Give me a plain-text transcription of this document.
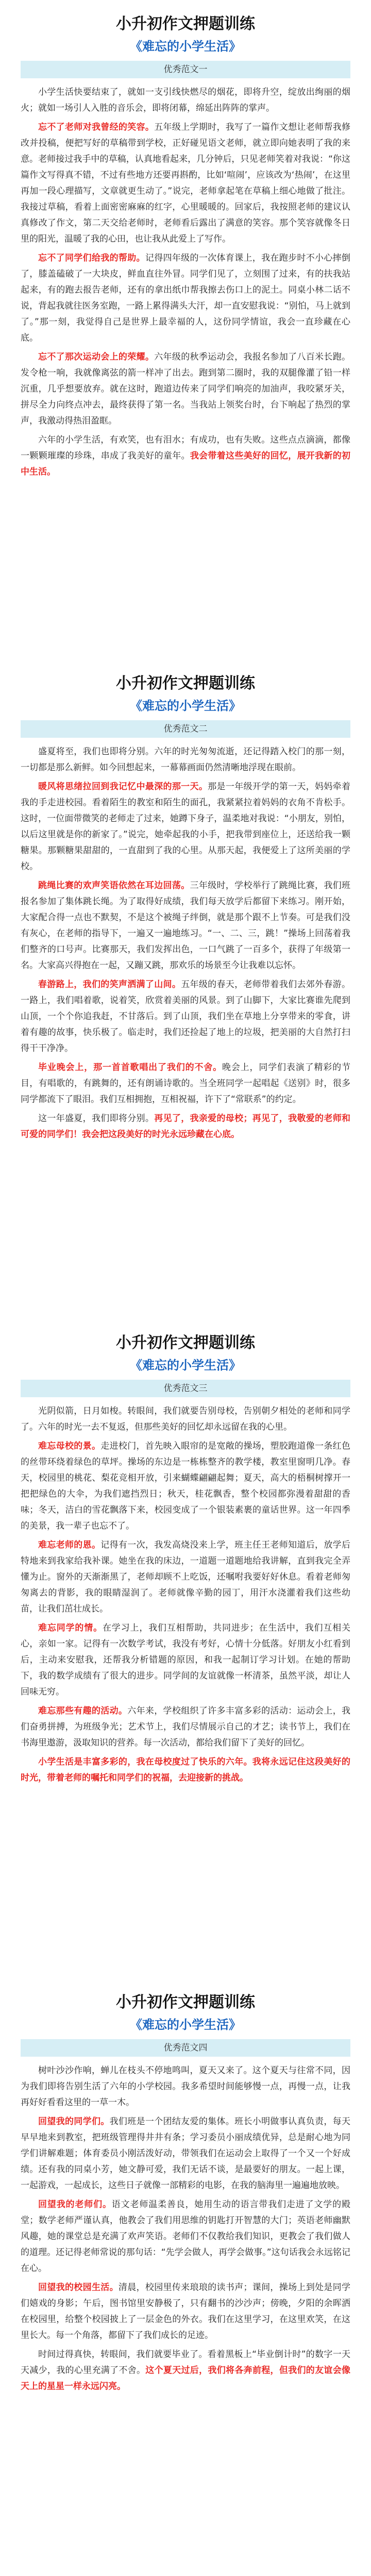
小升初作文押题训练
《难忘的小学生活》
优秀范文一

小学生活快要结束了，就如一支引线快燃尽的烟花，即将升空，绽放出绚丽的烟火；就如一场引人入胜的音乐会，即将闭幕，绵延出阵阵的掌声。

忘不了老师对我曾经的笑容。五年级上学期时，我写了一篇作文想让老师帮我修改并投稿，便把写好的草稿带到学校，正好碰见语文老师，就立即向她表明了我的来意。老师接过我手中的草稿，认真地看起来，几分钟后，只见老师笑着对我说：“你这篇作文写得真不错，不过有些地方还要再斟酌，比如‘喧闹’，应该改为‘热闹’，在这里再加一段心理描写，文章就更生动了。”说完，老师拿起笔在草稿上细心地做了批注。我接过草稿，看着上面密密麻麻的红字，心里暖暖的。回家后，我按照老师的建议认真修改了作文，第二天交给老师时，老师看后露出了满意的笑容。那个笑容就像冬日里的阳光，温暖了我的心田，也让我从此爱上了写作。

忘不了同学们给我的帮助。记得四年级的一次体育课上，我在跑步时不小心摔倒了，膝盖磕破了一大块皮，鲜血直往外冒。同学们见了，立刻围了过来，有的扶我站起来，有的跑去报告老师，还有的拿出纸巾帮我擦去伤口上的泥土。同桌小林二话不说，背起我就往医务室跑，一路上累得满头大汗，却一直安慰我说：“别怕，马上就到了。”那一刻，我觉得自己是世界上最幸福的人，这份同学情谊，我会一直珍藏在心底。

忘不了那次运动会上的荣耀。六年级的秋季运动会，我报名参加了八百米长跑。发令枪一响，我就像离弦的箭一样冲了出去。跑到第二圈时，我的双腿像灌了铅一样沉重，几乎想要放弃。就在这时，跑道边传来了同学们响亮的加油声，我咬紧牙关，拼尽全力向终点冲去，最终获得了第一名。当我站上领奖台时，台下响起了热烈的掌声，我激动得热泪盈眶。

六年的小学生活，有欢笑，也有泪水；有成功，也有失败。这些点点滴滴，都像一颗颗璀璨的珍珠，串成了我美好的童年。我会带着这些美好的回忆，展开我新的初中生活。

小升初作文押题训练
《难忘的小学生活》
优秀范文二

盛夏将至，我们也即将分别。六年的时光匆匆流逝，还记得踏入校门的那一刻，一切都是那么新鲜。如今回想起来，一幕幕画面仍然清晰地浮现在眼前。

暖风将思绪拉回到我记忆中最深的那一天。那是一年级开学的第一天，妈妈牵着我的手走进校园。看着陌生的教室和陌生的面孔，我紧紧拉着妈妈的衣角不肯松手。这时，一位面带微笑的老师走了过来，她蹲下身子，温柔地对我说：“小朋友，别怕，以后这里就是你的新家了。”说完，她牵起我的小手，把我带到座位上，还送给我一颗糖果。那颗糖果甜甜的，一直甜到了我的心里。从那天起，我便爱上了这所美丽的学校。

跳绳比赛的欢声笑语依然在耳边回荡。三年级时，学校举行了跳绳比赛，我们班报名参加了集体跳长绳。为了取得好成绩，我们每天放学后都留下来练习。刚开始，大家配合得一点也不默契，不是这个被绳子绊倒，就是那个跟不上节奏。可是我们没有灰心，在老师的指导下，一遍又一遍地练习。“一、二、三，跳！”操场上回荡着我们整齐的口号声。比赛那天，我们发挥出色，一口气跳了一百多个，获得了年级第一名。大家高兴得抱在一起，又蹦又跳，那欢乐的场景至今让我难以忘怀。

春游路上，我们的笑声洒满了山间。五年级的春天，老师带着我们去郊外春游。一路上，我们唱着歌，说着笑，欣赏着美丽的风景。到了山脚下，大家比赛谁先爬到山顶，一个个你追我赶，不甘落后。到了山顶，我们坐在草地上分享带来的零食，讲着有趣的故事，快乐极了。临走时，我们还捡起了地上的垃圾，把美丽的大自然打扫得干干净净。

毕业晚会上，那一首首歌唱出了我们的不舍。晚会上，同学们表演了精彩的节目，有唱歌的，有跳舞的，还有朗诵诗歌的。当全班同学一起唱起《送别》时，很多同学都流下了眼泪。我们互相拥抱，互相祝福，许下了“常联系”的约定。

这一年盛夏，我们即将分别。再见了，我亲爱的母校；再见了，我敬爱的老师和可爱的同学们！我会把这段美好的时光永远珍藏在心底。

小升初作文押题训练
《难忘的小学生活》
优秀范文三

光阴似箭，日月如梭。转眼间，我们就要告别母校，告别朝夕相处的老师和同学了。六年的时光一去不复返，但那些美好的回忆却永远留在我的心里。

难忘母校的景。走进校门，首先映入眼帘的是宽敞的操场，塑胶跑道像一条红色的丝带环绕着绿色的草坪。操场的东边是一栋栋整齐的教学楼，教室里窗明几净。春天，校园里的桃花、梨花竞相开放，引来蝴蝶翩翩起舞；夏天，高大的梧桐树撑开一把把绿色的大伞，为我们遮挡烈日；秋天，桂花飘香，整个校园都弥漫着甜甜的香味；冬天，洁白的雪花飘落下来，校园变成了一个银装素裹的童话世界。这一年四季的美景，我一辈子也忘不了。

难忘老师的恩。记得有一次，我发高烧没来上学，班主任王老师知道后，放学后特地来到我家给我补课。她坐在我的床边，一道题一道题地给我讲解，直到我完全弄懂为止。窗外的天渐渐黑了，老师却顾不上吃饭，还嘱咐我要好好休息。看着老师匆匆离去的背影，我的眼睛湿润了。老师就像辛勤的园丁，用汗水浇灌着我们这些幼苗，让我们茁壮成长。

难忘同学的情。在学习上，我们互相帮助，共同进步；在生活中，我们互相关心，亲如一家。记得有一次数学考试，我没有考好，心情十分低落。好朋友小红看到后，主动来安慰我，还帮我分析错题的原因，和我一起制订学习计划。在她的帮助下，我的数学成绩有了很大的进步。同学间的友谊就像一杯清茶，虽然平淡，却让人回味无穷。

难忘那些有趣的活动。六年来，学校组织了许多丰富多彩的活动：运动会上，我们奋勇拼搏，为班级争光；艺术节上，我们尽情展示自己的才艺；读书节上，我们在书海里遨游，汲取知识的营养。每一次活动，都给我们留下了美好的回忆。

小学生活是丰富多彩的，我在母校度过了快乐的六年。我将永远记住这段美好的时光，带着老师的嘱托和同学们的祝福，去迎接新的挑战。

小升初作文押题训练
《难忘的小学生活》
优秀范文四

树叶沙沙作响，蝉儿在枝头不停地鸣叫，夏天又来了。这个夏天与往常不同，因为我们即将告别生活了六年的小学校园。我多希望时间能够慢一点，再慢一点，让我再好好看看这里的一草一木。

回望我的同学们。我们班是一个团结友爱的集体。班长小明做事认真负责，每天早早地来到教室，把班级管理得井井有条；学习委员小丽成绩优异，总是耐心地为同学们讲解难题；体育委员小刚活泼好动，带领我们在运动会上取得了一个又一个好成绩。还有我的同桌小芳，她文静可爱，我们无话不谈，是最要好的朋友。一起上课，一起游戏，一起成长，这些日子就像一部精彩的电影，在我的脑海里一遍遍地放映。

回望我的老师们。语文老师温柔善良，她用生动的语言带我们走进了文学的殿堂；数学老师严谨认真，他教会了我们用思维的钥匙打开智慧的大门；英语老师幽默风趣，她的课堂总是充满了欢声笑语。老师们不仅教给我们知识，更教会了我们做人的道理。还记得老师常说的那句话：“先学会做人，再学会做事。”这句话我会永远铭记在心。

回望我的校园生活。清晨，校园里传来琅琅的读书声；课间，操场上到处是同学们嬉戏的身影；午后，图书馆里安静极了，只有翻书的沙沙声；傍晚，夕阳的余晖洒在校园里，给整个校园披上了一层金色的外衣。我们在这里学习，在这里欢笑，在这里长大。每一个角落，都留下了我们成长的足迹。

时间过得真快，转眼间，我们就要毕业了。看着黑板上“毕业倒计时”的数字一天天减少，我的心里充满了不舍。这个夏天过后，我们将各奔前程，但我们的友谊会像天上的星星一样永远闪亮。
